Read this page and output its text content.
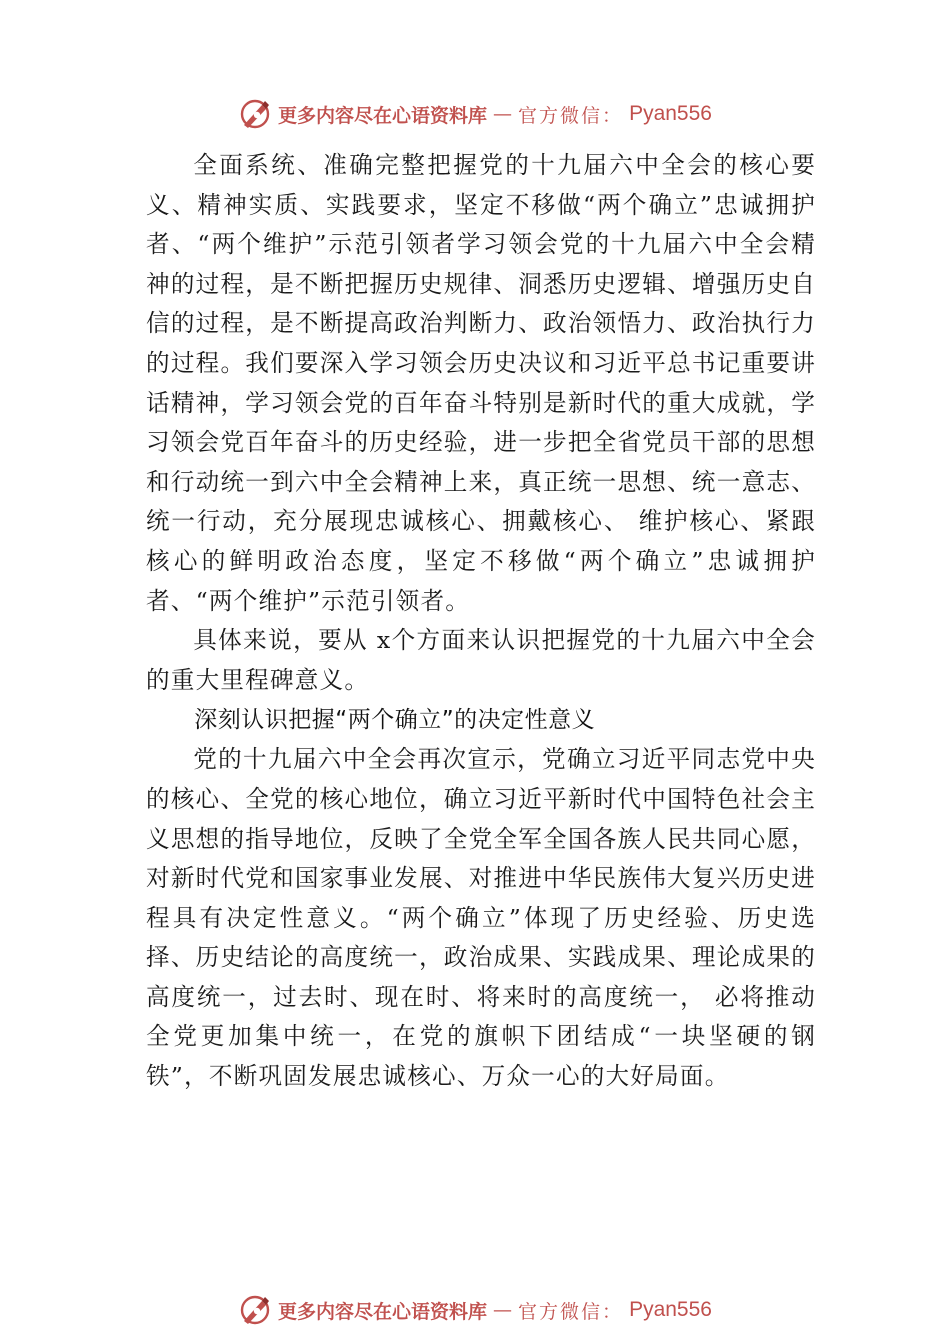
更多内容尽在心语资料库 — 官方微信： Pyan556

全面系统、准确完整把握党的十九届六中全会的核心要义、精神实质、实践要求，坚定不移做“两个确立”忠诚拥护者、“两个维护”示范引领者学习领会党的十九届六中全会精神的过程，是不断把握历史规律、洞悉历史逻辑、增强历史自信的过程，是不断提高政治判断力、政治领悟力、政治执行力的过程。我们要深入学习领会历史决议和习近平总书记重要讲话精神，学习领会党的百年奋斗特别是新时代的重大成就，学习领会党百年奋斗的历史经验，进一步把全省党员干部的思想和行动统一到六中全会精神上来，真正统一思想、统一意志、统一行动，充分展现忠诚核心、拥戴核心、 维护核心、紧跟核心的鲜明政治态度，坚定不移做“两个确立”忠诚拥护者、“两个维护”示范引领者。

具体来说，要从 x个方面来认识把握党的十九届六中全会的重大里程碑意义。

深刻认识把握“两个确立”的决定性意义

党的十九届六中全会再次宣示，党确立习近平同志党中央的核心、全党的核心地位，确立习近平新时代中国特色社会主义思想的指导地位，反映了全党全军全国各族人民共同心愿，对新时代党和国家事业发展、对推进中华民族伟大复兴历史进程具有决定性意义。“两个确立”体现了历史经验、历史选择、历史结论的高度统一，政治成果、实践成果、理论成果的高度统一，过去时、现在时、将来时的高度统一， 必将推动全党更加集中统一，在党的旗帜下团结成“一块坚硬的钢铁”，不断巩固发展忠诚核心、万众一心的大好局面。

更多内容尽在心语资料库 — 官方微信： Pyan556
